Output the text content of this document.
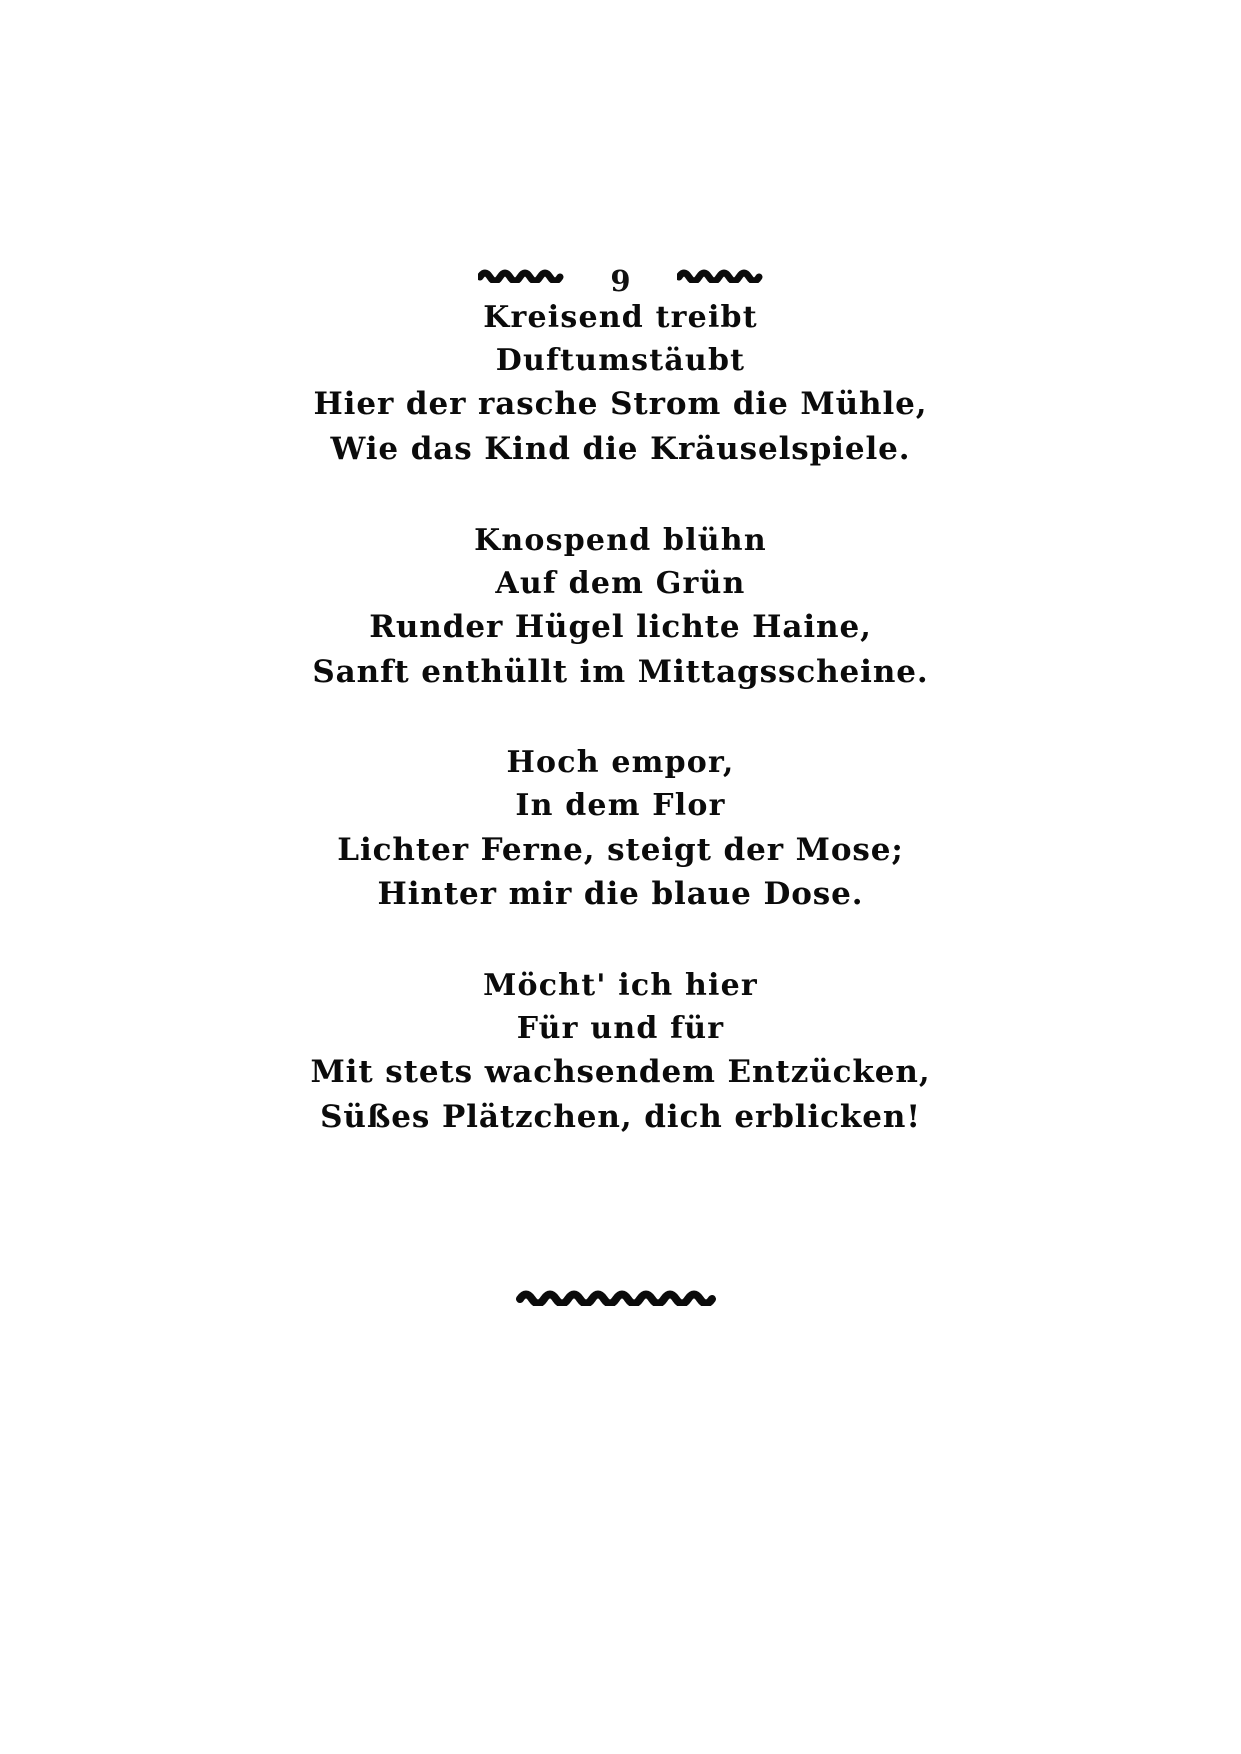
9
Kreisend treibt
Duftumstäubt
Hier der rasche Strom die Mühle,
Wie das Kind die Kräuselspiele.
Knospend blühn
Auf dem Grün
Runder Hügel lichte Haine,
Sanft enthüllt im Mittagsscheine.
Hoch empor,
In dem Flor
Lichter Ferne, steigt der Mose;
Hinter mir die blaue Dose.
Möcht' ich hier
Für und für
Mit stets wachsendem Entzücken,
Süßes Plätzchen, dich erblicken!
